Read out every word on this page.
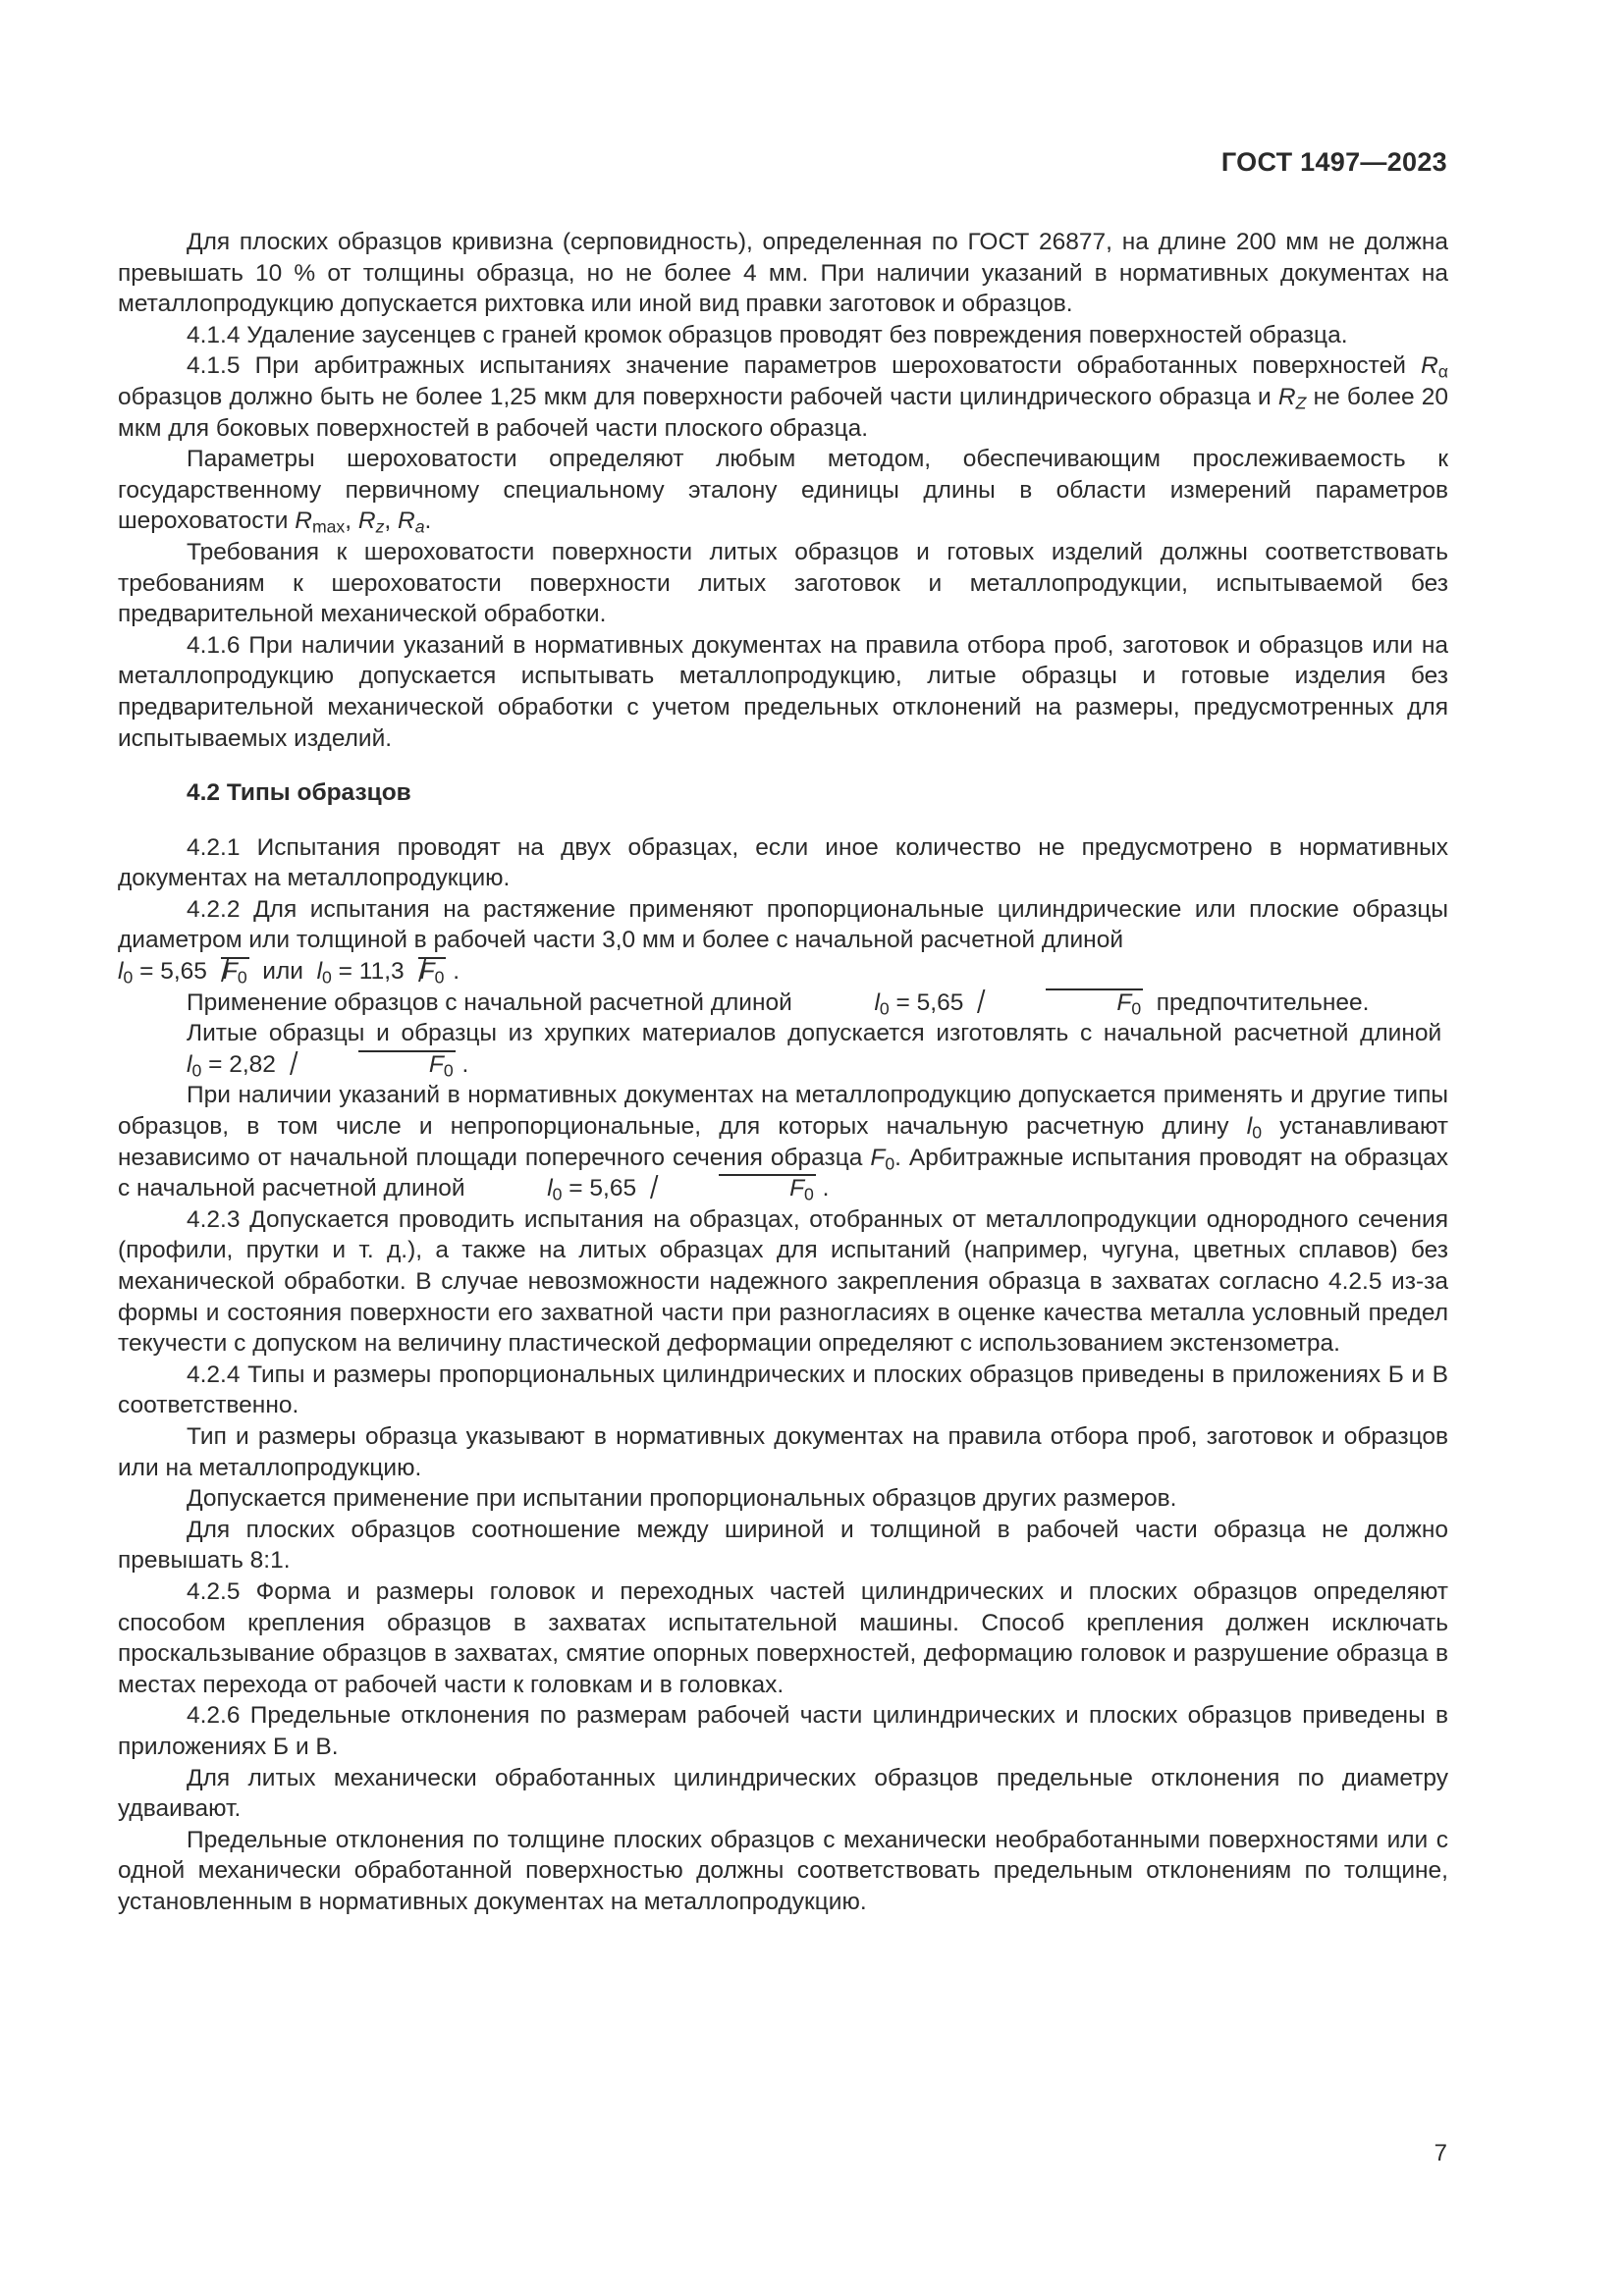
ГОСТ 1497—2023

Для плоских образцов кривизна (серповидность), определенная по ГОСТ 26877, на длине 200 мм не должна превышать 10 % от толщины образца, но не более 4 мм. При наличии указаний в нормативных документах на металлопродукцию допускается рихтовка или иной вид правки заготовок и образцов.

4.1.4 Удаление заусенцев с граней кромок образцов проводят без повреждения поверхностей образца.

4.1.5 При арбитражных испытаниях значение параметров шероховатости обработанных поверхностей $R_\alpha$ образцов должно быть не более 1,25 мкм для поверхности рабочей части цилиндрического образца и $R_Z$ не более 20 мкм для боковых поверхностей в рабочей части плоского образца.

Параметры шероховатости определяют любым методом, обеспечивающим прослеживаемость к государственному первичному специальному эталону единицы длины в области измерений параметров шероховатости $R_{max}$, $R_z$, $R_a$.

Требования к шероховатости поверхности литых образцов и готовых изделий должны соответствовать требованиям к шероховатости поверхности литых заготовок и металлопродукции, испытываемой без предварительной механической обработки.

4.1.6 При наличии указаний в нормативных документах на правила отбора проб, заготовок и образцов или на металлопродукцию допускается испытывать металлопродукцию, литые образцы и готовые изделия без предварительной механической обработки с учетом предельных отклонений на размеры, предусмотренных для испытываемых изделий.

4.2 Типы образцов

4.2.1 Испытания проводят на двух образцах, если иное количество не предусмотрено в нормативных документах на металлопродукцию.

4.2.2 Для испытания на растяжение применяют пропорциональные цилиндрические или плоские образцы диаметром или толщиной в рабочей части 3,0 мм и более с начальной расчетной длиной

$l_0 = 5,65$ $F_0$ или $l_0 = 11,3$ $F_0$ .

Применение образцов с начальной расчетной длиной	$l_0 = 5,65$	$F_0$ предпочтительнее.

Литые образцы и образцы из хрупких материалов допускается изготовлять с начальной расчетной длиной  $l_0 = 2,82$	$F_0$ .

При наличии указаний в нормативных документах на металлопродукцию допускается применять и другие типы образцов, в том числе и непропорциональные, для которых начальную расчетную длину $l_0$ устанавливают независимо от начальной площади поперечного сечения образца $F_0$. Арбитражные испытания проводят на образцах с начальной расчетной длиной	$l_0 = 5,65$	$F_0$ .

4.2.3 Допускается проводить испытания на образцах, отобранных от металлопродукции однородного сечения (профили, прутки и т. д.), а также на литых образцах для испытаний (например, чугуна, цветных сплавов) без механической обработки. В случае невозможности надежного закрепления образца в захватах согласно 4.2.5 из-за формы и состояния поверхности его захватной части при разногласиях в оценке качества металла условный предел текучести с допуском на величину пластической деформации определяют с использованием экстензометра.

4.2.4 Типы и размеры пропорциональных цилиндрических и плоских образцов приведены в приложениях Б и В соответственно.

Тип и размеры образца указывают в нормативных документах на правила отбора проб, заготовок и образцов или на металлопродукцию.

Допускается применение при испытании пропорциональных образцов других размеров.

Для плоских образцов соотношение между шириной и толщиной в рабочей части образца не должно превышать 8:1.

4.2.5 Форма и размеры головок и переходных частей цилиндрических и плоских образцов определяют способом крепления образцов в захватах испытательной машины. Способ крепления должен исключать проскальзывание образцов в захватах, смятие опорных поверхностей, деформацию головок и разрушение образца в местах перехода от рабочей части к головкам и в головках.

4.2.6 Предельные отклонения по размерам рабочей части цилиндрических и плоских образцов приведены в приложениях Б и В.

Для литых механически обработанных цилиндрических образцов предельные отклонения по диаметру удваивают.

Предельные отклонения по толщине плоских образцов с механически необработанными поверхностями или с одной механически обработанной поверхностью должны соответствовать предельным отклонениям по толщине, установленным в нормативных документах на металлопродукцию.

7
